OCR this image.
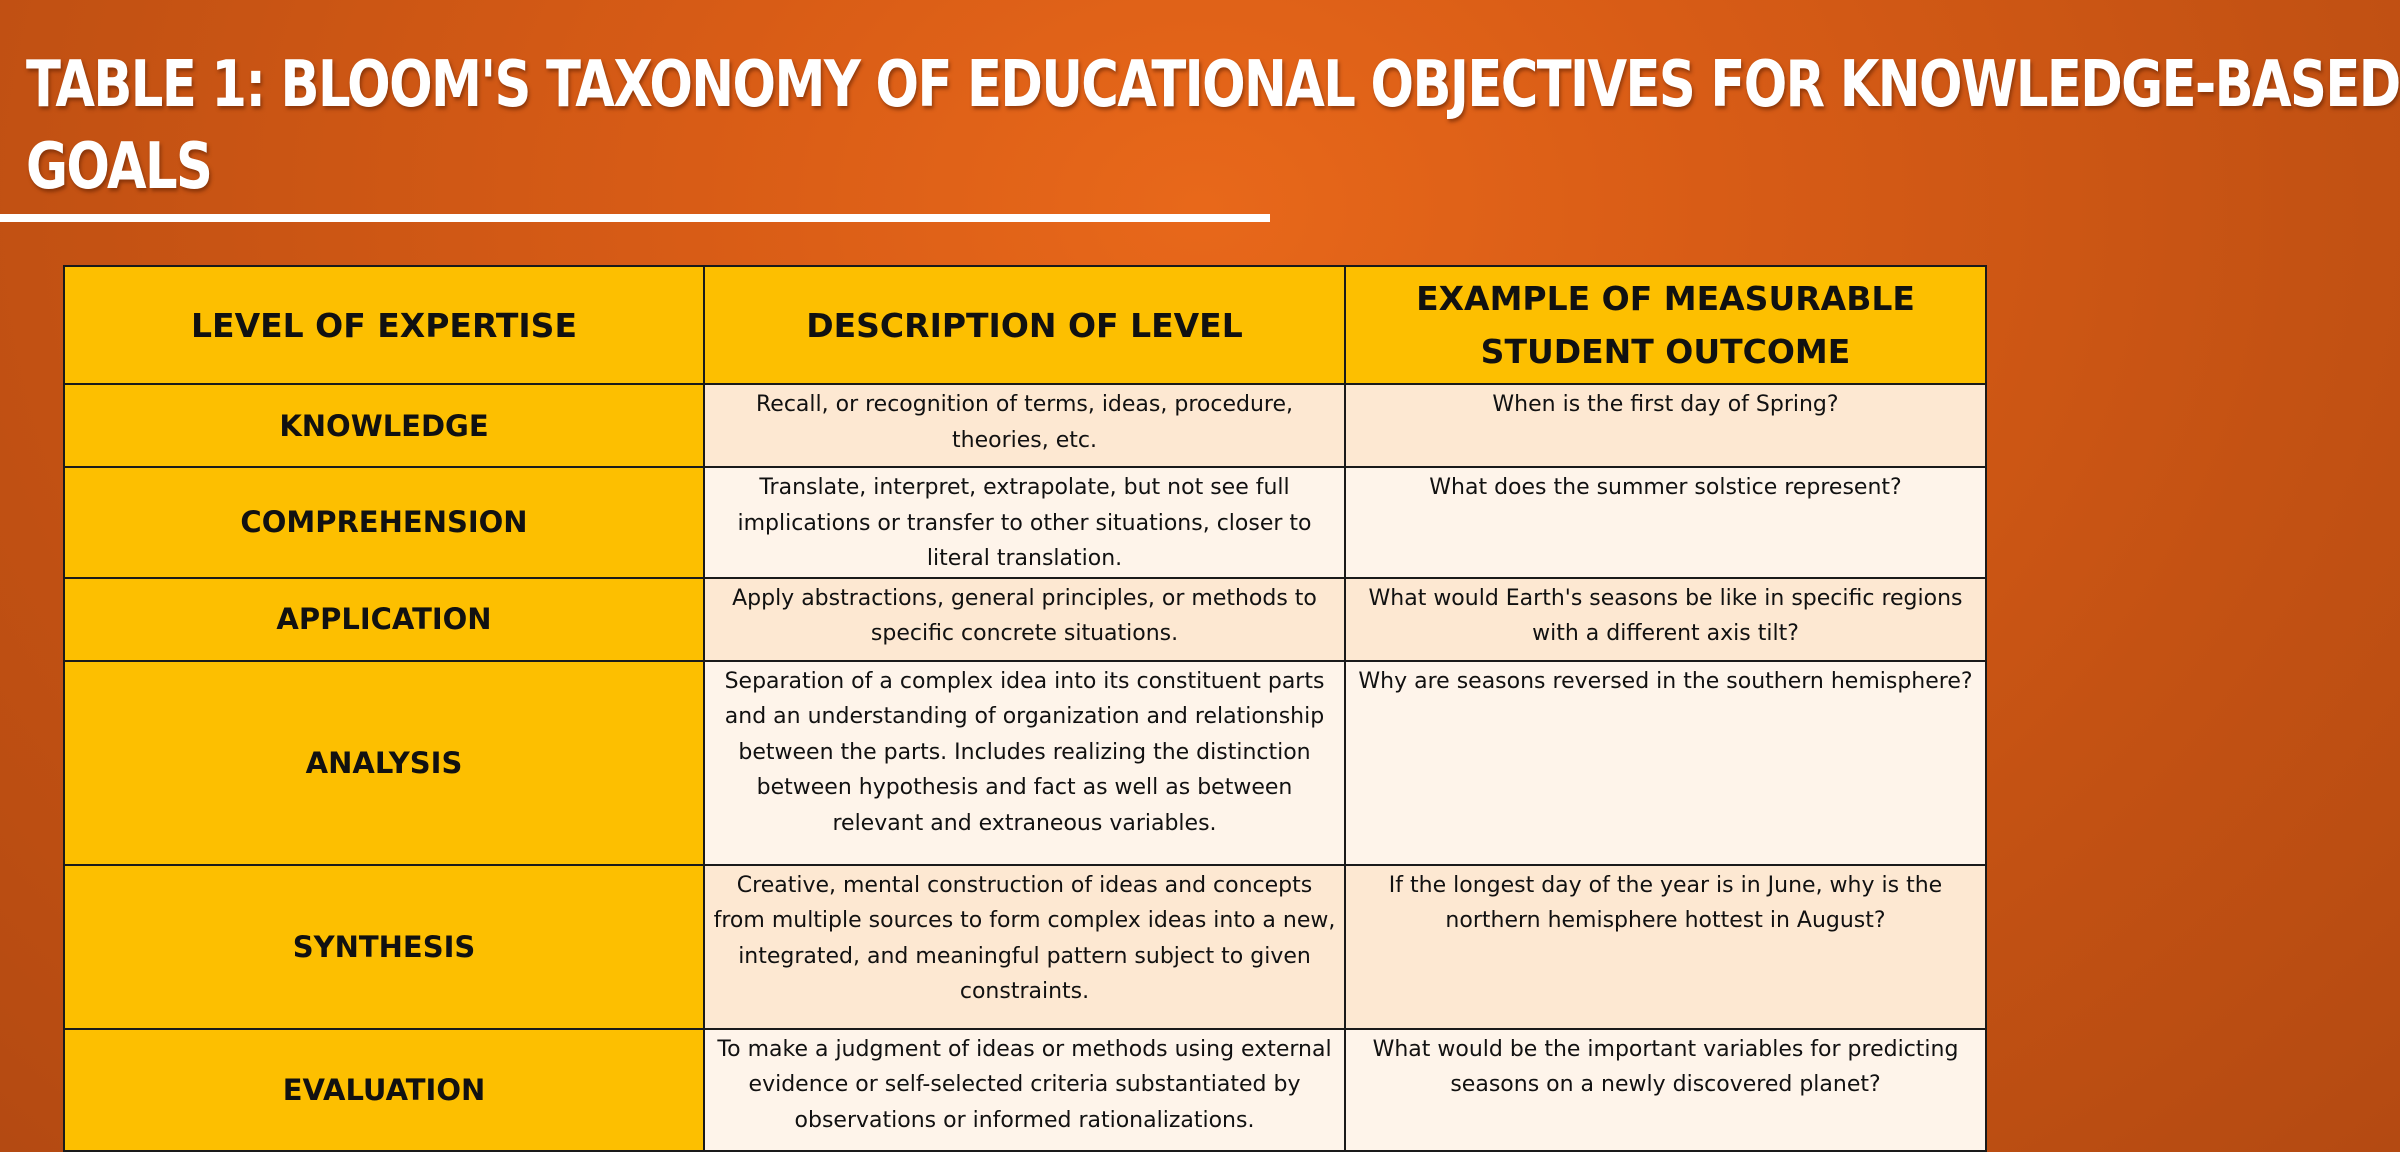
TABLE 1: BLOOM'S TAXONOMY OF EDUCATIONAL OBJECTIVES FOR KNOWLEDGE-BASED
GOALS
LEVEL OF EXPERTISE	DESCRIPTION OF LEVEL	EXAMPLE OF MEASURABLE
STUDENT OUTCOME

KNOWLEDGE	Recall, or recognition of terms, ideas, procedure, theories, etc.	When is the first day of Spring?
COMPREHENSION	Translate, interpret, extrapolate, but not see full implications or transfer to other situations, closer to literal translation.	What does the summer solstice represent?
APPLICATION	Apply abstractions, general principles, or methods to specific concrete situations.	What would Earth's seasons be like in specific regions with a different axis tilt?
ANALYSIS	Separation of a complex idea into its constituent parts and an understanding of organization and relationship between the parts. Includes realizing the distinction between hypothesis and fact as well as between relevant and extraneous variables.	Why are seasons reversed in the southern hemisphere?
SYNTHESIS	Creative, mental construction of ideas and concepts from multiple sources to form complex ideas into a new, integrated, and meaningful pattern subject to given constraints.	If the longest day of the year is in June, why is the northern hemisphere hottest in August?
EVALUATION	To make a judgment of ideas or methods using external evidence or self-selected criteria substantiated by observations or informed rationalizations.	What would be the important variables for predicting seasons on a newly discovered planet?
